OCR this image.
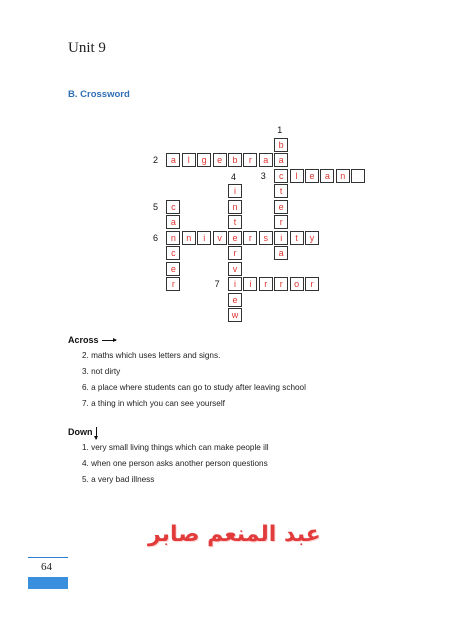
Unit 9
B. Crossword
b
a
c
t
e
r
i
a
a	l	g	e	b	r	a
l	e	a	n
i
n
t
e
r
v
i
e
w
c
a
n
c
e
r
n	i	v	r	s	t	y
i	r	r	o	r
1
2
3
4
5
6
7
Across
2. maths which uses letters and signs.
3. not dirty
6. a place where students can go to study after leaving school
7. a thing in which you can see yourself
Down
1. very small living things which can make people ill
4. when one person asks another person questions
5. a very bad illness
عبد المنعم صابر
64
